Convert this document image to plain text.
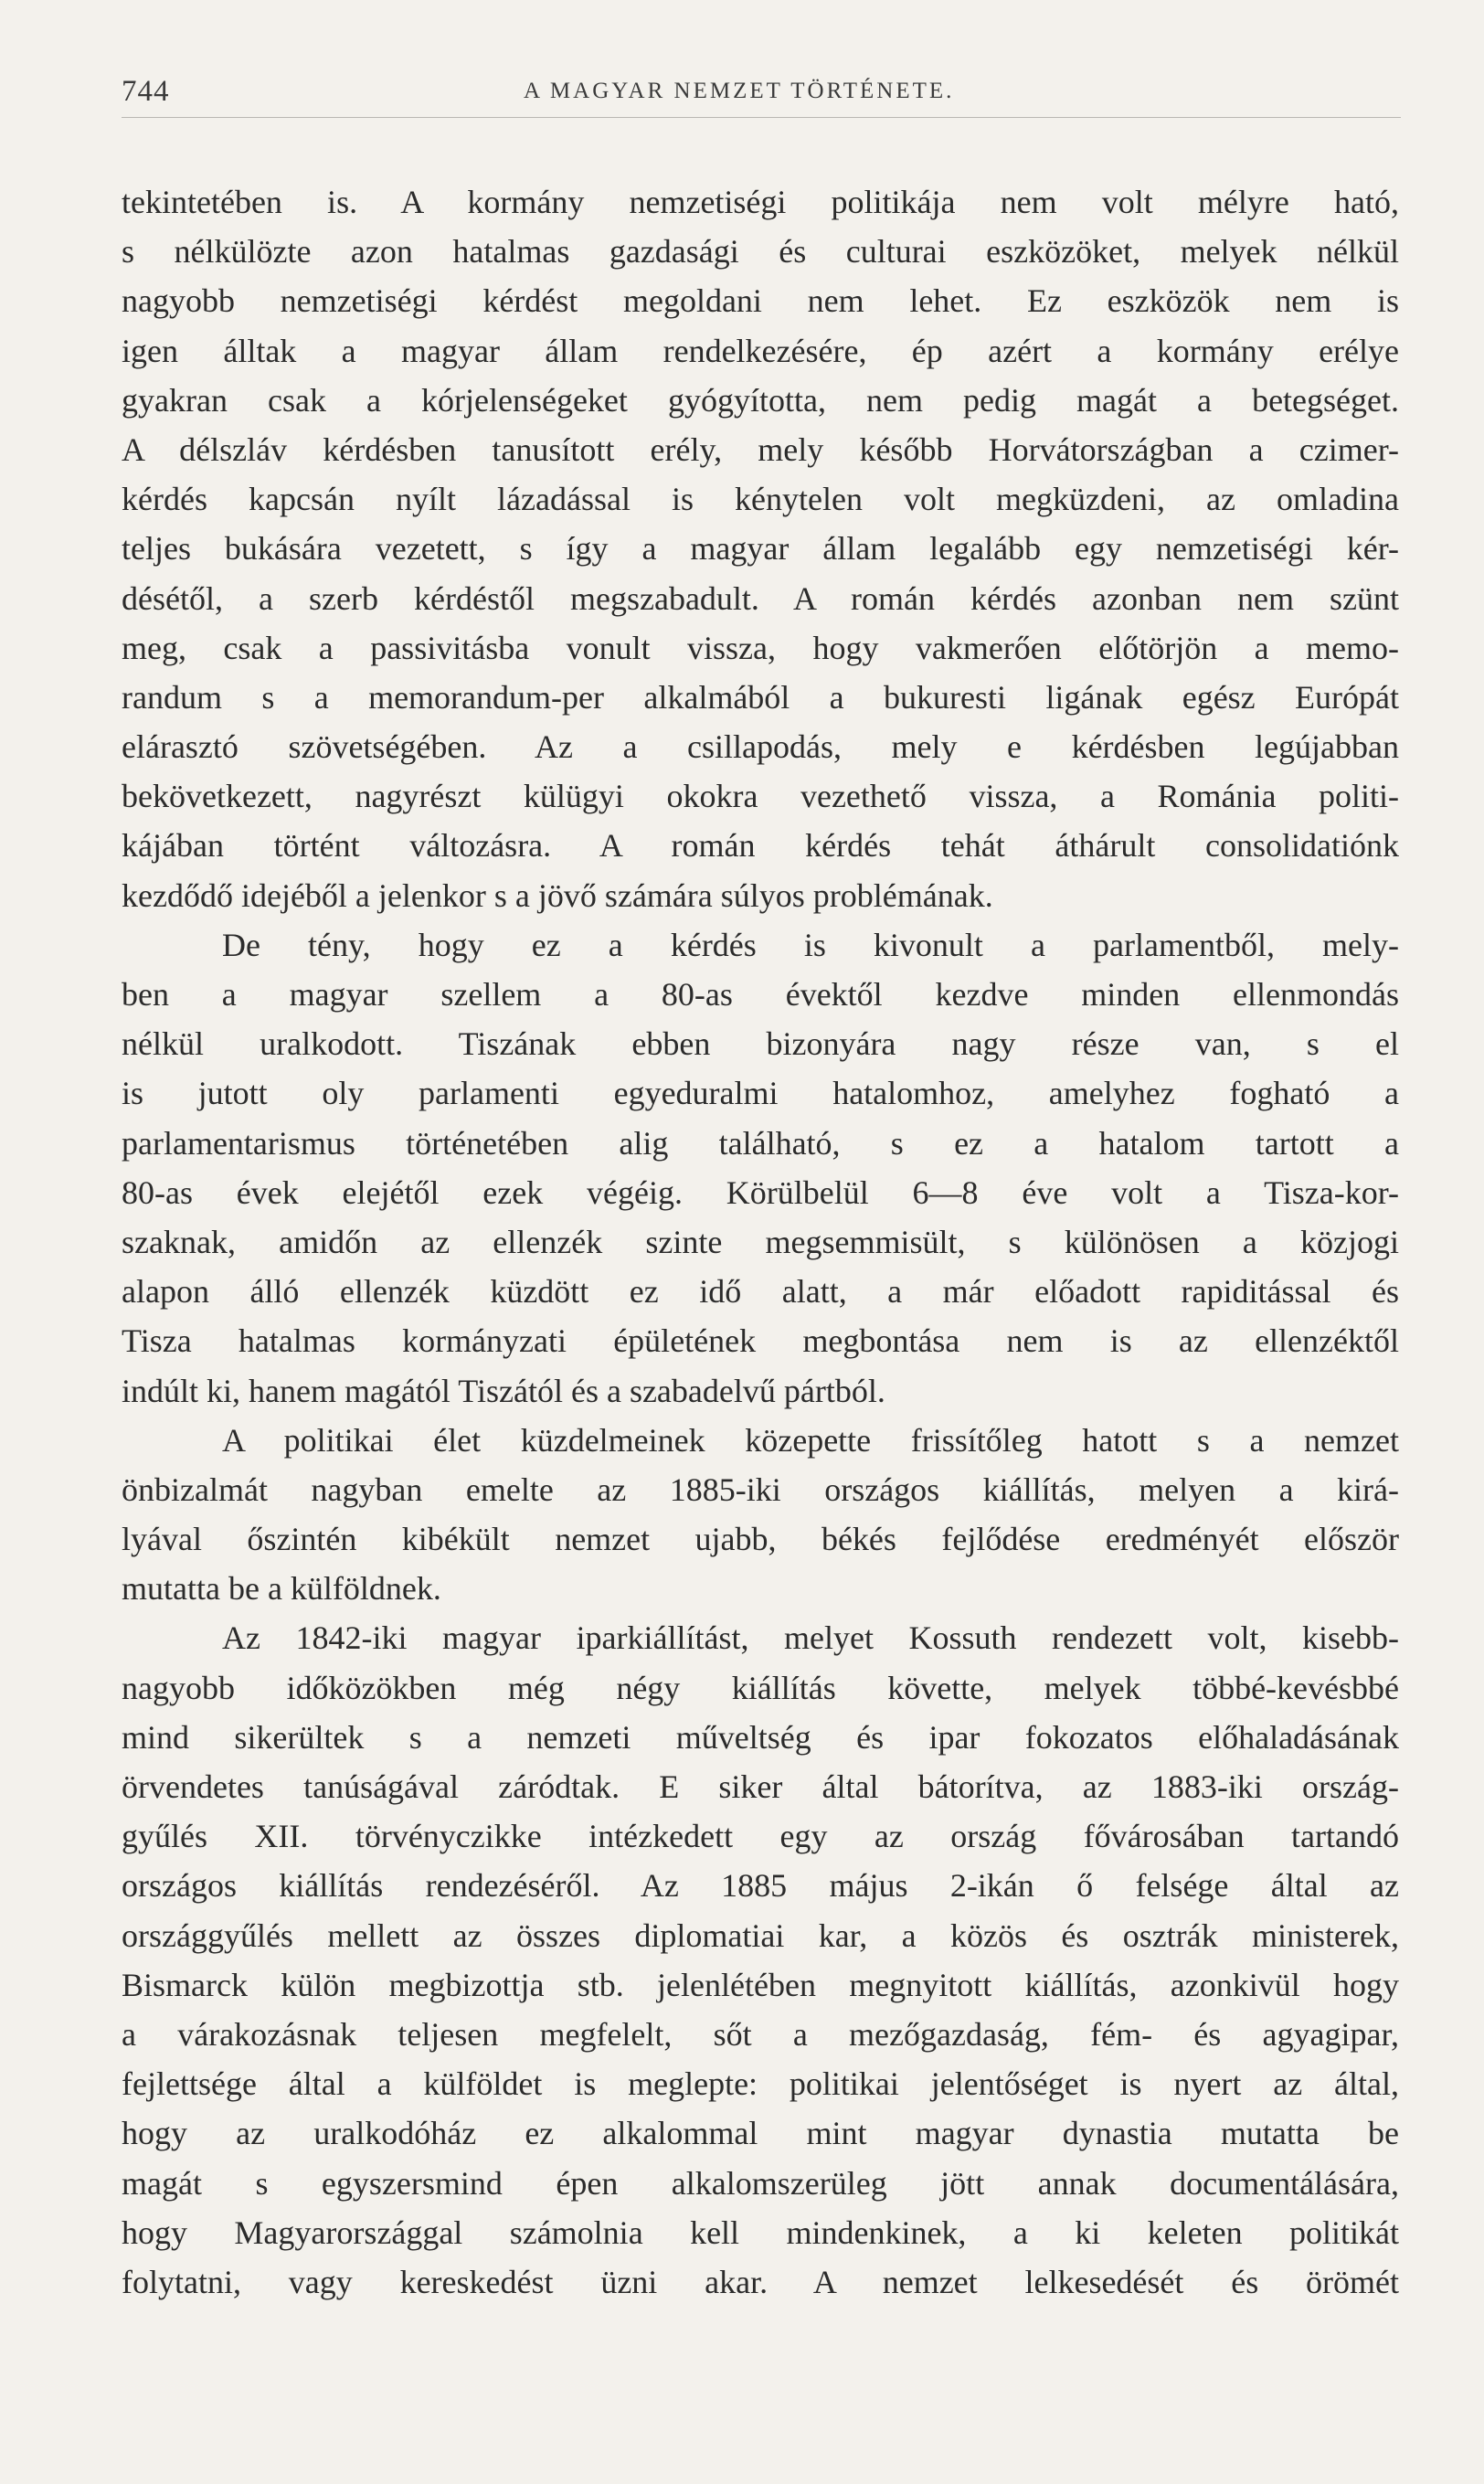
744	A MAGYAR NEMZET TÖRTÉNETE.
tekintetében is. A kormány nemzetiségi politikája nem volt mélyre ható,
s nélkülözte azon hatalmas gazdasági és culturai eszközöket, melyek nélkül
nagyobb nemzetiségi kérdést megoldani nem lehet. Ez eszközök nem is
igen álltak a magyar állam rendelkezésére, ép azért a kormány erélye
gyakran csak a kórjelenségeket gyógyította, nem pedig magát a betegséget.
A délszláv kérdésben tanusított erély, mely később Horvátországban a czimer-
kérdés kapcsán nyílt lázadással is kénytelen volt megküzdeni, az omladina
teljes bukására vezetett, s így a magyar állam legalább egy nemzetiségi kér-
désétől, a szerb kérdéstől megszabadult. A román kérdés azonban nem szünt
meg, csak a passivitásba vonult vissza, hogy vakmerően előtörjön a memo-
randum s a memorandum-per alkalmából a bukuresti ligának egész Európát
elárasztó szövetségében. Az a csillapodás, mely e kérdésben legújabban
bekövetkezett, nagyrészt külügyi okokra vezethető vissza, a Románia politi-
kájában történt változásra. A román kérdés tehát áthárult consolidatiónk
kezdődő idejéből a jelenkor s a jövő számára súlyos problémának.
De tény, hogy ez a kérdés is kivonult a parlamentből, mely-
ben a magyar szellem a 80-as évektől kezdve minden ellenmondás
nélkül uralkodott. Tiszának ebben bizonyára nagy része van, s el
is jutott oly parlamenti egyeduralmi hatalomhoz, amelyhez fogható a
parlamentarismus történetében alig található, s ez a hatalom tartott a
80-as évek elejétől ezek végéig. Körülbelül 6—8 éve volt a Tisza-kor-
szaknak, amidőn az ellenzék szinte megsemmisült, s különösen a közjogi
alapon álló ellenzék küzdött ez idő alatt, a már előadott rapiditással és
Tisza hatalmas kormányzati épületének megbontása nem is az ellenzéktől
indúlt ki, hanem magától Tiszától és a szabadelvű pártból.
A politikai élet küzdelmeinek közepette frissítőleg hatott s a nemzet
önbizalmát nagyban emelte az 1885-iki országos kiállítás, melyen a kirá-
lyával őszintén kibékült nemzet ujabb, békés fejlődése eredményét először
mutatta be a külföldnek.
Az 1842-iki magyar iparkiállítást, melyet Kossuth rendezett volt, kisebb-
nagyobb időközökben még négy kiállítás követte, melyek többé-kevésbbé
mind sikerültek s a nemzeti műveltség és ipar fokozatos előhaladásának
örvendetes tanúságával záródtak. E siker által bátorítva, az 1883-iki ország-
gyűlés XII. törvényczikke intézkedett egy az ország fővárosában tartandó
országos kiállítás rendezéséről. Az 1885 május 2-ikán ő felsége által az
országgyűlés mellett az összes diplomatiai kar, a közös és osztrák ministerek,
Bismarck külön megbizottja stb. jelenlétében megnyitott kiállítás, azonkivül hogy
a várakozásnak teljesen megfelelt, sőt a mezőgazdaság, fém- és agyagipar,
fejlettsége által a külföldet is meglepte: politikai jelentőséget is nyert az által,
hogy az uralkodóház ez alkalommal mint magyar dynastia mutatta be
magát s egyszersmind épen alkalomszerüleg jött annak documentálására,
hogy Magyarországgal számolnia kell mindenkinek, a ki keleten politikát
folytatni, vagy kereskedést üzni akar. A nemzet lelkesedését és örömét
